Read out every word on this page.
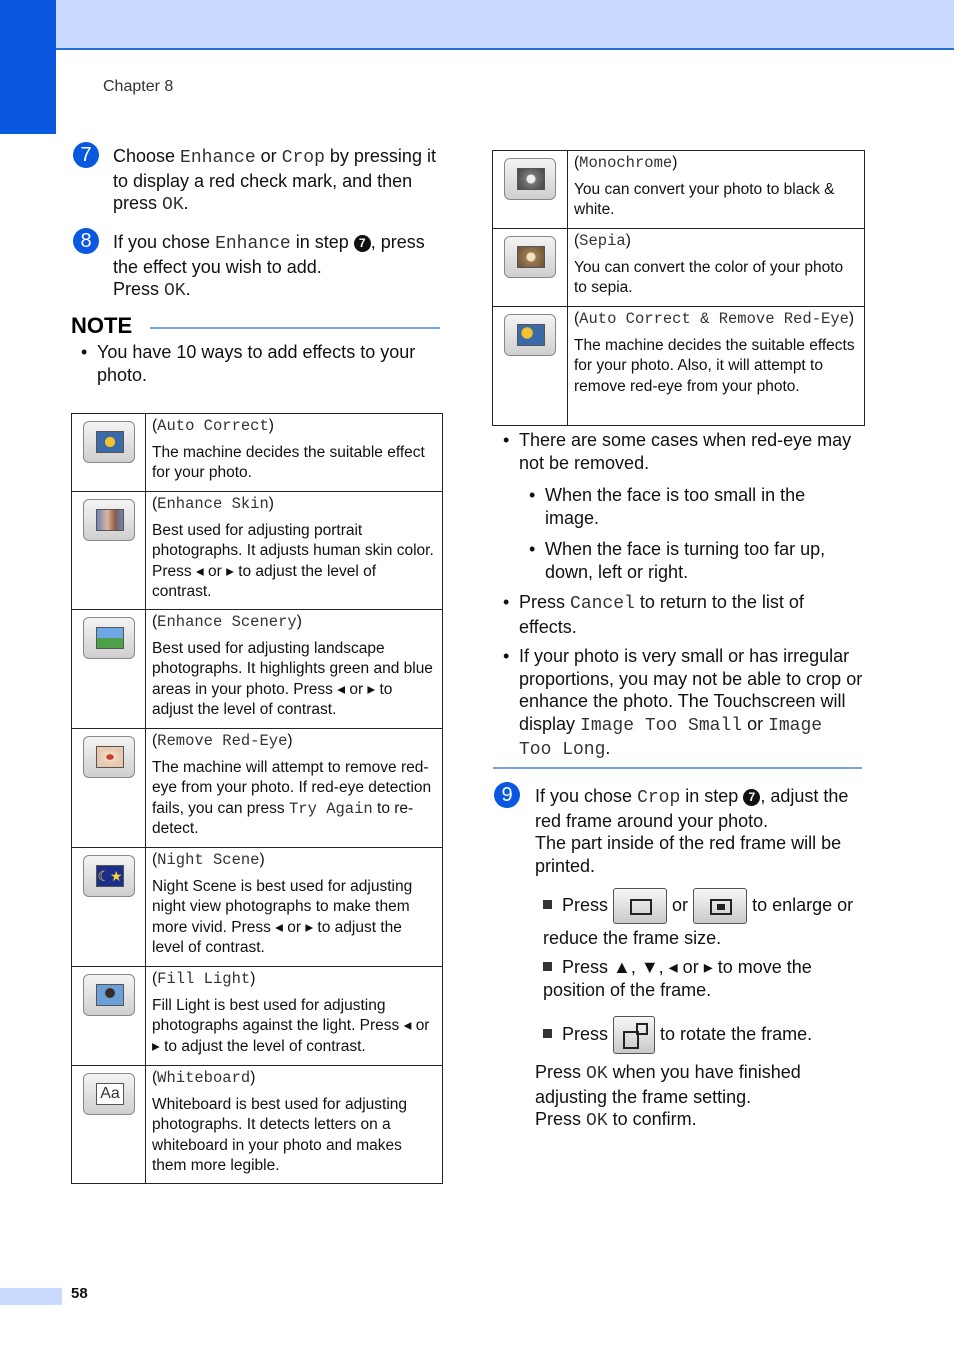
Chapter 8
7	Choose Enhance or Crop by pressing it to display a red check mark, and then press OK.
8	If you chose Enhance in step 7 , press the effect you wish to add.
Press OK.
NOTE
• You have 10 ways to add effects to your photo.

	(Auto Correct)
The machine decides the suitable effect for your photo.

	(Enhance Skin)
Best used for adjusting portrait photographs. It adjusts human skin color. Press ◂ or ▸ to adjust the level of contrast.

	(Enhance Scenery)
Best used for adjusting landscape photographs. It highlights green and blue areas in your photo. Press ◂ or ▸ to adjust the level of contrast.

	(Remove Red-Eye)
The machine will attempt to remove red-eye from your photo. If red-eye detection fails, you can press Try Again to re-detect.

☾★	(Night Scene)
Night Scene is best used for adjusting night view photographs to make them more vivid. Press ◂ or ▸ to adjust the level of contrast.

	(Fill Light)
Fill Light is best used for adjusting photographs against the light. Press ◂ or ▸ to adjust the level of contrast.

Aa	(Whiteboard)
Whiteboard is best used for adjusting photographs. It detects letters on a whiteboard in your photo and makes them more legible.

	(Monochrome)
You can convert your photo to black & white.

	(Sepia)
You can convert the color of your photo to sepia.

	(Auto Correct & Remove Red-Eye)
The machine decides the suitable effects for your photo. Also, it will attempt to remove red-eye from your photo.
• There are some cases when red-eye may not be removed.
• When the face is too small in the image.
• When the face is turning too far up, down, left or right.
• Press Cancel to return to the list of effects.
• If your photo is very small or has irregular proportions, you may not be able to crop or enhance the photo. The Touchscreen will display Image Too Small or Image Too Long.
9	If you chose Crop in step 7 , adjust the red frame around your photo.
The part inside of the red frame will be printed.
Press	or	to enlarge or reduce the frame size.
Press ▲, ▼, ◂ or ▸ to move the position of the frame.
Press	to rotate the frame.
Press OK when you have finished adjusting the frame setting.
Press OK to confirm.
58
